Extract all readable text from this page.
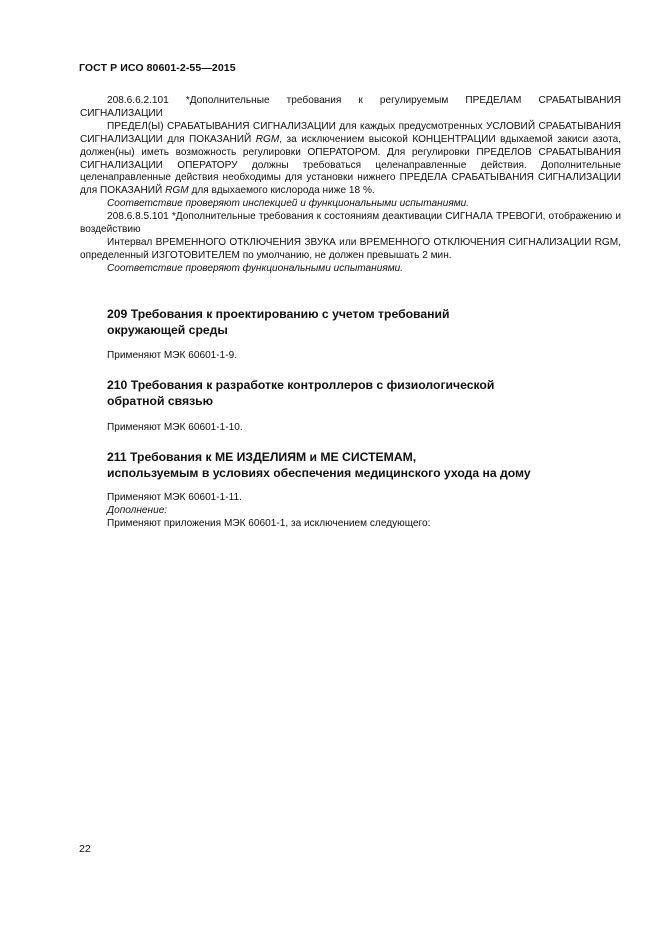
ГОСТ Р ИСО 80601-2-55—2015

208.6.6.2.101 *Дополнительные требования к регулируемым ПРЕДЕЛАМ СРАБАТЫВАНИЯ СИГНАЛИЗАЦИИ

ПРЕДЕЛ(Ы) СРАБАТЫВАНИЯ СИГНАЛИЗАЦИИ для каждых предусмотренных УСЛОВИЙ СРАБАТЫВАНИЯ СИГНАЛИЗАЦИИ для ПОКАЗАНИЙ RGM, за исключением высокой КОНЦЕНТРАЦИИ вдыхаемой закиси азота, должен(ны) иметь возможность регулировки ОПЕРАТОРОМ. Для регулировки ПРЕДЕЛОВ СРАБАТЫВАНИЯ СИГНАЛИЗАЦИИ ОПЕРАТОРУ должны требоваться целенаправленные действия. Дополнительные целенаправленные действия необходимы для установки нижнего ПРЕДЕЛА СРАБАТЫВАНИЯ СИГНАЛИЗАЦИИ для ПОКАЗАНИЙ RGM для вдыхаемого кислорода ниже 18 %.

Соответствие проверяют инспекцией и функциональными испытаниями.

208.6.8.5.101 *Дополнительные требования к состояниям деактивации СИГНАЛА ТРЕВОГИ, отображению и воздействию

Интервал ВРЕМЕННОГО ОТКЛЮЧЕНИЯ ЗВУКА или ВРЕМЕННОГО ОТКЛЮЧЕНИЯ СИГНАЛИЗАЦИИ RGM, определенный ИЗГОТОВИТЕЛЕМ по умолчанию, не должен превышать 2 мин.

Соответствие проверяют функциональными испытаниями.

209 Требования к проектированию с учетом требований
окружающей среды
Применяют МЭК 60601-1-9.
210 Требования к разработке контроллеров с физиологической
обратной связью
Применяют МЭК 60601-1-10.
211 Требования к МЕ ИЗДЕЛИЯМ и МЕ СИСТЕМАМ,
используемым в условиях обеспечения медицинского ухода на дому
Применяют МЭК 60601-1-11.
Дополнение:
Применяют приложения МЭК 60601-1, за исключением следующего:
22
